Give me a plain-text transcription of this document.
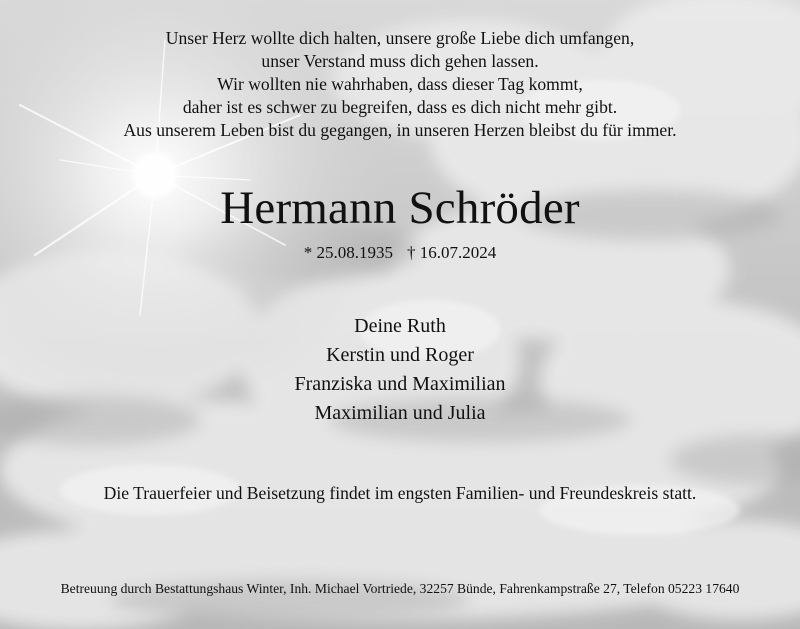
Unser Herz wollte dich halten, unsere große Liebe dich umfangen,
unser Verstand muss dich gehen lassen.
Wir wollten nie wahrhaben, dass dieser Tag kommt,
daher ist es schwer zu begreifen, dass es dich nicht mehr gibt.
Aus unserem Leben bist du gegangen, in unseren Herzen bleibst du für immer.
Hermann Schröder
* 25.08.1935 † 16.07.2024
Deine Ruth
Kerstin und Roger
Franziska und Maximilian
Maximilian und Julia
Die Trauerfeier und Beisetzung findet im engsten Familien- und Freundeskreis statt.
Betreuung durch Bestattungshaus Winter, Inh. Michael Vortriede, 32257 Bünde, Fahrenkampstraße 27, Telefon 05223 17640
